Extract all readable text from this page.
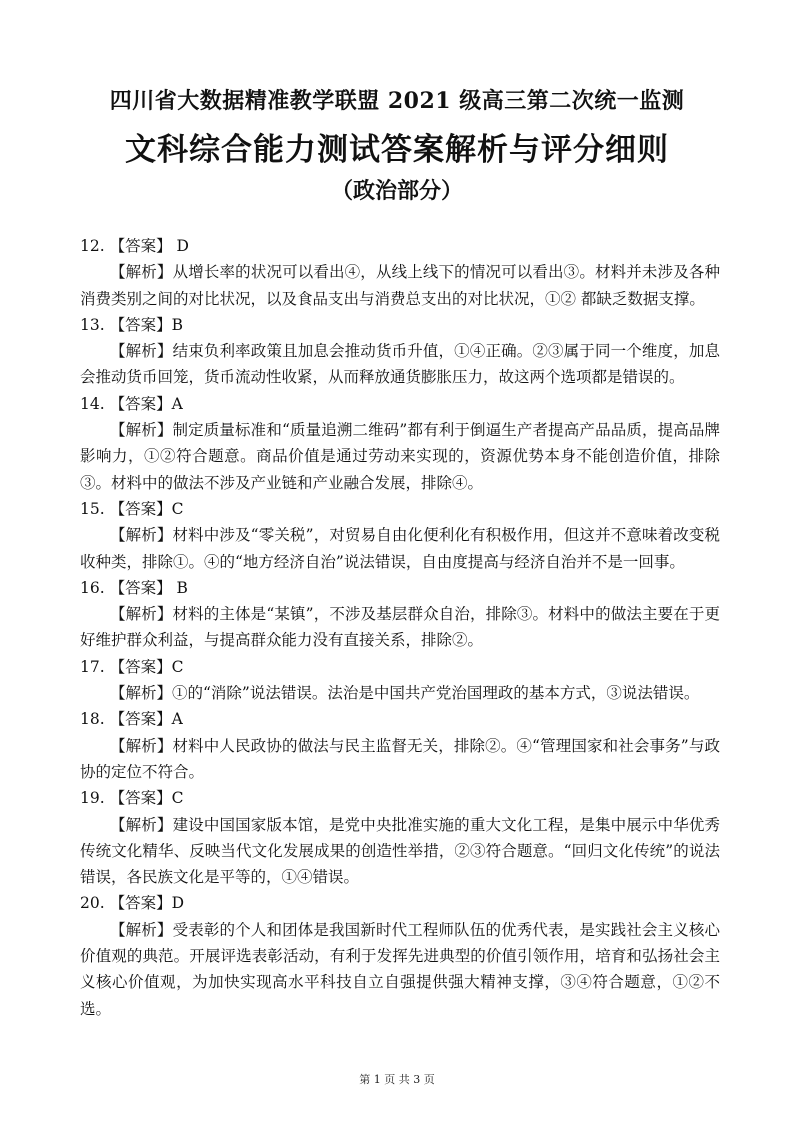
四川省大数据精准教学联盟 2021 级高三第二次统一监测
文科综合能力测试答案解析与评分细则
（政治部分）

12. 【答案】 D

【解析】从增长率的状况可以看出④，从线上线下的情况可以看出③。材料并未涉及各种消费类别之间的对比状况，以及食品支出与消费总支出的对比状况，①② 都缺乏数据支撑。

13. 【答案】B

【解析】结束负利率政策且加息会推动货币升值，①④正确。②③属于同一个维度，加息会推动货币回笼，货币流动性收紧，从而释放通货膨胀压力，故这两个选项都是错误的。

14. 【答案】A

【解析】制定质量标准和“质量追溯二维码”都有利于倒逼生产者提高产品品质，提高品牌影响力，①②符合题意。商品价值是通过劳动来实现的，资源优势本身不能创造价值，排除③。材料中的做法不涉及产业链和产业融合发展，排除④。

15. 【答案】C

【解析】材料中涉及“零关税”，对贸易自由化便利化有积极作用，但这并不意味着改变税收种类，排除①。④的“地方经济自治”说法错误，自由度提高与经济自治并不是一回事。

16. 【答案】 B

【解析】材料的主体是“某镇”，不涉及基层群众自治，排除③。材料中的做法主要在于更好维护群众利益，与提高群众能力没有直接关系，排除②。

17. 【答案】C

【解析】①的“消除”说法错误。法治是中国共产党治国理政的基本方式，③说法错误。

18. 【答案】A

【解析】材料中人民政协的做法与民主监督无关，排除②。④“管理国家和社会事务”与政协的定位不符合。

19. 【答案】C

【解析】建设中国国家版本馆，是党中央批准实施的重大文化工程，是集中展示中华优秀传统文化精华、反映当代文化发展成果的创造性举措，②③符合题意。“回归文化传统”的说法错误，各民族文化是平等的，①④错误。

20. 【答案】D

【解析】受表彰的个人和团体是我国新时代工程师队伍的优秀代表，是实践社会主义核心价值观的典范。开展评选表彰活动，有利于发挥先进典型的价值引领作用，培育和弘扬社会主义核心价值观，为加快实现高水平科技自立自强提供强大精神支撑，③④符合题意，①②不选。

第 1 页 共 3 页
